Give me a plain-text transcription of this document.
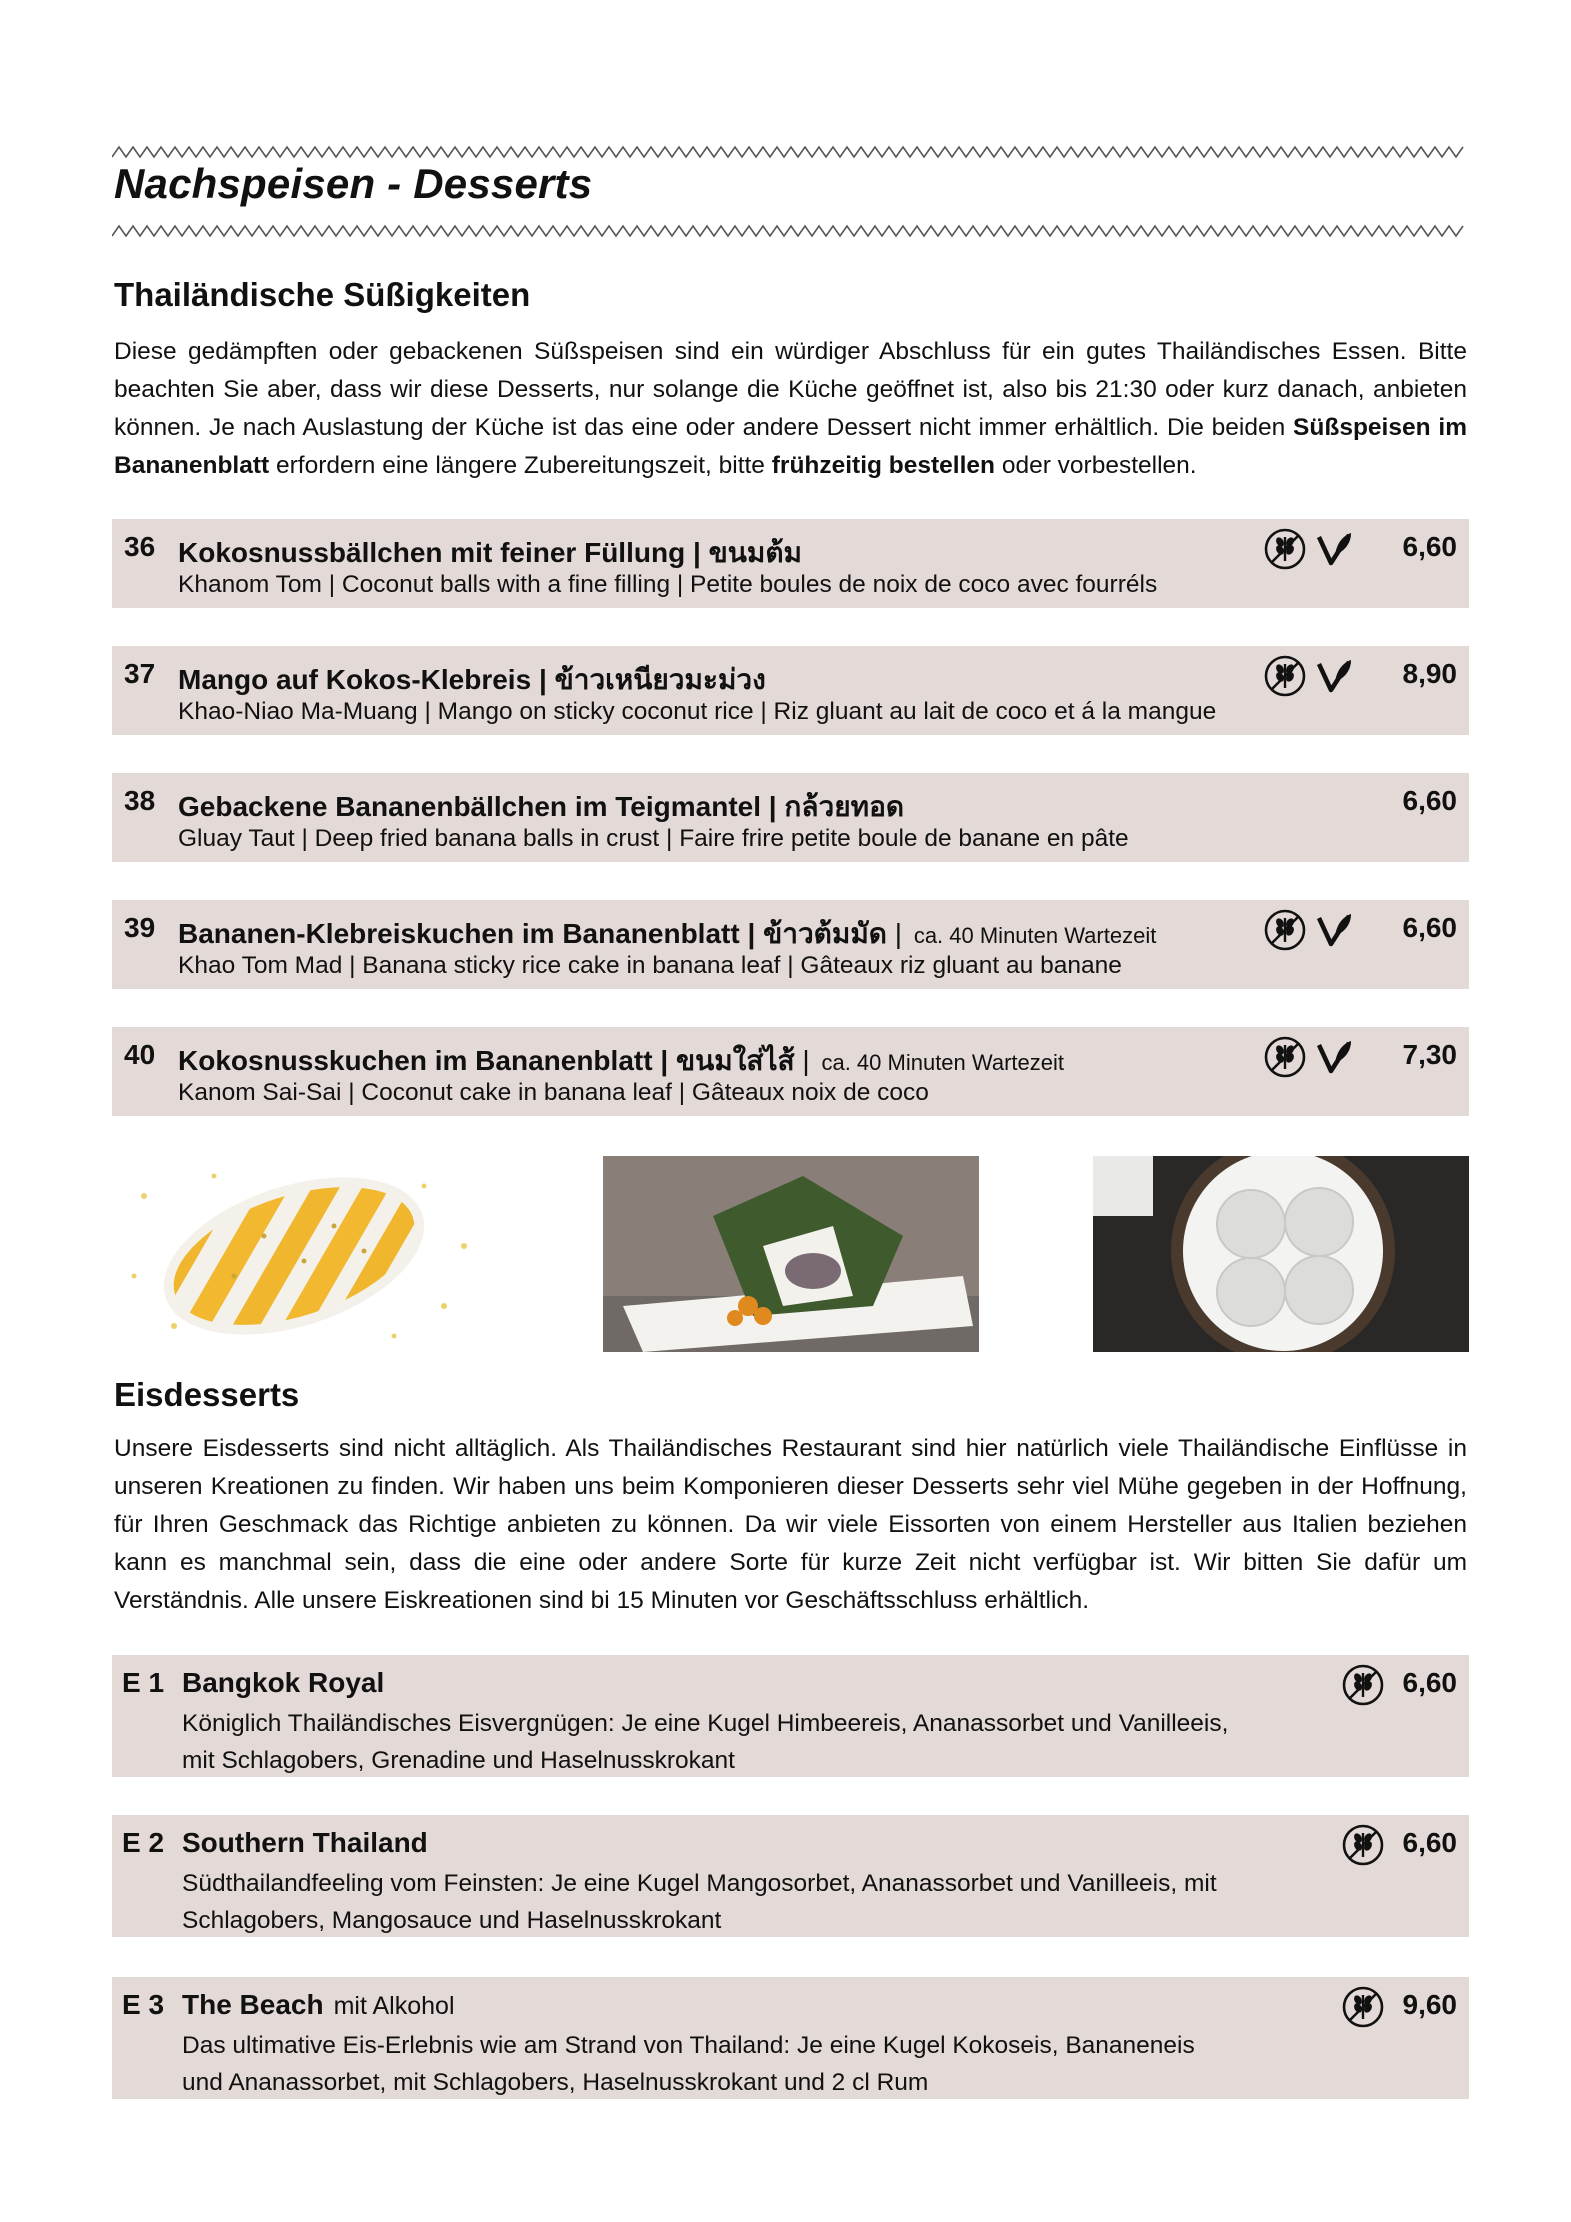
Nachspeisen - Desserts
Thailändische Süßigkeiten

Diese gedämpften oder gebackenen Süßspeisen sind ein würdiger Abschluss für ein gutes Thailändisches Essen. Bitte beachten Sie aber, dass wir diese Desserts, nur solange die Küche geöffnet ist, also bis 21:30 oder kurz danach, anbieten können. Je nach Auslastung der Küche ist das eine oder andere Dessert nicht immer erhältlich. Die beiden Süßspeisen im Bananenblatt erfordern eine längere Zubereitungszeit, bitte frühzeitig bestellen oder vorbestellen.

36 Kokosnussbällchen mit feiner Füllung | ขนมต้ม
Khanom Tom | Coconut balls with a fine filling | Petite boules de noix de coco avec fourréls
6,60
37 Mango auf Kokos-Klebreis | ข้าวเหนียวมะม่วง
Khao-Niao Ma-Muang | Mango on sticky coconut rice | Riz gluant au lait de coco et á la mangue
8,90
38 Gebackene Bananenbällchen im Teigmantel | กล้วยทอด
Gluay Taut | Deep fried banana balls in crust | Faire frire petite boule de banane en pâte
6,60
39 Bananen-Klebreiskuchen im Bananenblatt | ข้าวต้มมัด | ca. 40 Minuten Wartezeit
Khao Tom Mad | Banana sticky rice cake in banana leaf | Gâteaux riz gluant au banane
6,60
40 Kokosnusskuchen im Bananenblatt | ขนมใส่ไส้ | ca. 40 Minuten Wartezeit
Kanom Sai-Sai | Coconut cake in banana leaf | Gâteaux noix de coco
7,30
Eisdesserts

Unsere Eisdesserts sind nicht alltäglich. Als Thailändisches Restaurant sind hier natürlich viele Thailändische Einflüsse in unseren Kreationen zu finden. Wir haben uns beim Komponieren dieser Desserts sehr viel Mühe gegeben in der Hoffnung, für Ihren Geschmack das Richtige anbieten zu können. Da wir viele Eissorten von einem Hersteller aus Italien beziehen kann es manchmal sein, dass die eine oder andere Sorte für kurze Zeit nicht verfügbar ist. Wir bitten Sie dafür um Verständnis. Alle unsere Eiskreationen sind bi 15 Minuten vor Geschäftsschluss erhältlich.

E 1 Bangkok Royal
Königlich Thailändisches Eisvergnügen: Je eine Kugel Himbeereis, Ananassorbet und Vanilleeis, mit Schlagobers, Grenadine und Haselnusskrokant
6,60
E 2 Southern Thailand
Südthailandfeeling vom Feinsten: Je eine Kugel Mangosorbet, Ananassorbet und Vanilleeis, mit Schlagobers, Mangosauce und Haselnusskrokant
6,60
E 3 The Beach mit Alkohol
Das ultimative Eis-Erlebnis wie am Strand von Thailand: Je eine Kugel Kokoseis, Bananeneis und Ananassorbet, mit Schlagobers, Haselnusskrokant und 2 cl Rum
9,60
